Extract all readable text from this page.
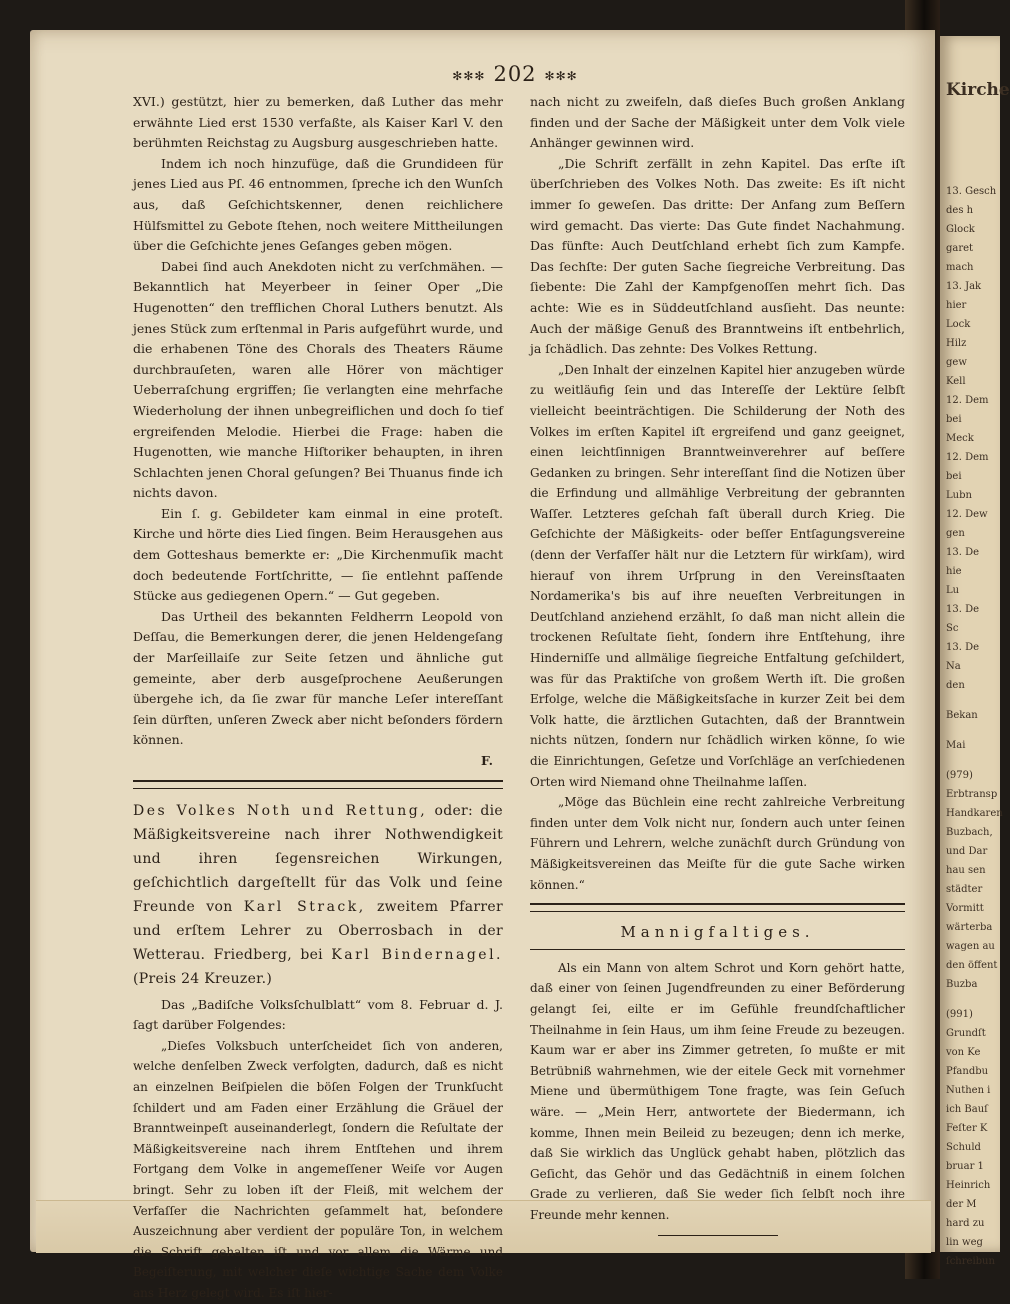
Kirche
13. Gesch
des h
Glock
garet
mach
13. Jak
hier
Lock
Hilz
gew
Kell
12. Dem
bei
Meck
12. Dem
bei
Lubn
12. Dew
gen
13. De
hie
Lu
13. De
Sc
13. De
Na
den
Bekan
Mai
(979)
Erbtransp
Handkaren
Buzbach,
und Dar
hau sen
städter
Vormitt
wärterba
wagen au
den öffent
Buzba
(991)
Grundſt
von Ke
Pfandbu
Nuthen i
ich Bauſ
Feſter K
Schuld
bruar 1
Heinrich
der M
hard zu
lin weg
ſchreibun
✻✻✻ 202 ✻✻✻

XVI.) gestützt, hier zu bemerken, daß Luther das mehr erwähnte Lied erst 1530 verfaßte, als Kaiser Karl V. den berühmten Reichstag zu Augsburg ausgeschrieben hatte.

Indem ich noch hinzufüge, daß die Grundideen für jenes Lied aus Pſ. 46 entnommen, ſpreche ich den Wunſch aus, daß Geſchichtskenner, denen reichlichere Hülfsmittel zu Gebote ſtehen, noch weitere Mittheilungen über die Geſchichte jenes Geſanges geben mögen.

Dabei ſind auch Anekdoten nicht zu verſchmähen. — Bekanntlich hat Meyerbeer in ſeiner Oper „Die Hugenotten“ den trefflichen Choral Luthers benutzt. Als jenes Stück zum erſtenmal in Paris aufgeführt wurde, und die erhabenen Töne des Chorals des Theaters Räume durchbrauſeten, waren alle Hörer von mächtiger Ueberraſchung ergriffen; ſie verlangten eine mehrfache Wiederholung der ihnen unbegreiflichen und doch ſo tief ergreifenden Melodie. Hierbei die Frage: haben die Hugenotten, wie manche Hiſtoriker behaupten, in ihren Schlachten jenen Choral geſungen? Bei Thuanus finde ich nichts davon.

Ein ſ. g. Gebildeter kam einmal in eine proteſt. Kirche und hörte dies Lied ſingen. Beim Herausgehen aus dem Gotteshaus bemerkte er: „Die Kirchenmuſik macht doch bedeutende Fortſchritte, — ſie entlehnt paſſende Stücke aus gediegenen Opern.“ — Gut gegeben.

Das Urtheil des bekannten Feldherrn Leopold von Deſſau, die Bemerkungen derer, die jenen Heldengeſang der Marſeillaiſe zur Seite ſetzen und ähnliche gut gemeinte, aber derb ausgeſprochene Aeußerungen übergehe ich, da ſie zwar für manche Leſer intereſſant ſein dürften, unſeren Zweck aber nicht beſonders fördern können.

F.

Des Volkes Noth und Rettung, oder: die Mäßigkeitsvereine nach ihrer Nothwendigkeit und ihren ſegensreichen Wirkungen, geſchichtlich dargeſtellt für das Volk und ſeine Freunde von Karl Strack, zweitem Pfarrer und erſtem Lehrer zu Oberrosbach in der Wetterau. Friedberg, bei Karl Bindernagel. (Preis 24 Kreuzer.)

Das „Badiſche Volksſchulblatt“ vom 8. Februar d. J. ſagt darüber Folgendes:

„Dieſes Volksbuch unterſcheidet ſich von anderen, welche denſelben Zweck verfolgten, dadurch, daß es nicht an einzelnen Beiſpielen die böſen Folgen der Trunkſucht ſchildert und am Faden einer Erzählung die Gräuel der Branntweinpeſt auseinanderlegt, ſondern die Reſultate der Mäßigkeitsvereine nach ihrem Entſtehen und ihrem Fortgang dem Volke in angemeſſener Weiſe vor Augen bringt. Sehr zu loben iſt der Fleiß, mit welchem der Verfaſſer die Nachrichten geſammelt hat, beſondere Auszeichnung aber verdient der populäre Ton, in welchem die Schrift gehalten iſt und vor allem die Wärme und Begeiſterung, mit welcher dieſe wichtige Sache dem Volke ans Herz gelegt wird. Es iſt hier-

nach nicht zu zweifeln, daß dieſes Buch großen Anklang finden und der Sache der Mäßigkeit unter dem Volk viele Anhänger gewinnen wird.

„Die Schrift zerfällt in zehn Kapitel. Das erſte iſt überſchrieben des Volkes Noth. Das zweite: Es iſt nicht immer ſo geweſen. Das dritte: Der Anfang zum Beſſern wird gemacht. Das vierte: Das Gute findet Nachahmung. Das fünfte: Auch Deutſchland erhebt ſich zum Kampfe. Das ſechſte: Der guten Sache ſiegreiche Verbreitung. Das ſiebente: Die Zahl der Kampfgenoſſen mehrt ſich. Das achte: Wie es in Süddeutſchland ausſieht. Das neunte: Auch der mäßige Genuß des Branntweins iſt entbehrlich, ja ſchädlich. Das zehnte: Des Volkes Rettung.

„Den Inhalt der einzelnen Kapitel hier anzugeben würde zu weitläufig ſein und das Intereſſe der Lektüre ſelbſt vielleicht beeinträchtigen. Die Schilderung der Noth des Volkes im erſten Kapitel iſt ergreifend und ganz geeignet, einen leichtſinnigen Branntweinverehrer auf beſſere Gedanken zu bringen. Sehr intereſſant ſind die Notizen über die Erfindung und allmählige Verbreitung der gebrannten Waſſer. Letzteres geſchah faſt überall durch Krieg. Die Geſchichte der Mäßigkeits- oder beſſer Entſagungsvereine (denn der Verfaſſer hält nur die Letztern für wirkſam), wird hierauf von ihrem Urſprung in den Vereinsſtaaten Nordamerika's bis auf ihre neueſten Verbreitungen in Deutſchland anziehend erzählt, ſo daß man nicht allein die trockenen Reſultate ſieht, ſondern ihre Entſtehung, ihre Hinderniſſe und allmälige ſiegreiche Entfaltung geſchildert, was für das Praktiſche von großem Werth iſt. Die großen Erfolge, welche die Mäßigkeitsſache in kurzer Zeit bei dem Volk hatte, die ärztlichen Gutachten, daß der Branntwein nichts nützen, ſondern nur ſchädlich wirken könne, ſo wie die Einrichtungen, Geſetze und Vorſchläge an verſchiedenen Orten wird Niemand ohne Theilnahme laſſen.

„Möge das Büchlein eine recht zahlreiche Verbreitung finden unter dem Volk nicht nur, ſondern auch unter ſeinen Führern und Lehrern, welche zunächſt durch Gründung von Mäßigkeitsvereinen das Meiſte für die gute Sache wirken können.“

Mannigfaltiges.

Als ein Mann von altem Schrot und Korn gehört hatte, daß einer von ſeinen Jugendfreunden zu einer Beförderung gelangt ſei, eilte er im Gefühle freundſchaftlicher Theilnahme in ſein Haus, um ihm ſeine Freude zu bezeugen. Kaum war er aber ins Zimmer getreten, ſo mußte er mit Betrübniß wahrnehmen, wie der eitele Geck mit vornehmer Miene und übermüthigem Tone fragte, was ſein Geſuch wäre. — „Mein Herr, antwortete der Biedermann, ich komme, Ihnen mein Beileid zu bezeugen; denn ich merke, daß Sie wirklich das Unglück gehabt haben, plötzlich das Geſicht, das Gehör und das Gedächtniß in einem ſolchen Grade zu verlieren, daß Sie weder ſich ſelbſt noch ihre Freunde mehr kennen.
